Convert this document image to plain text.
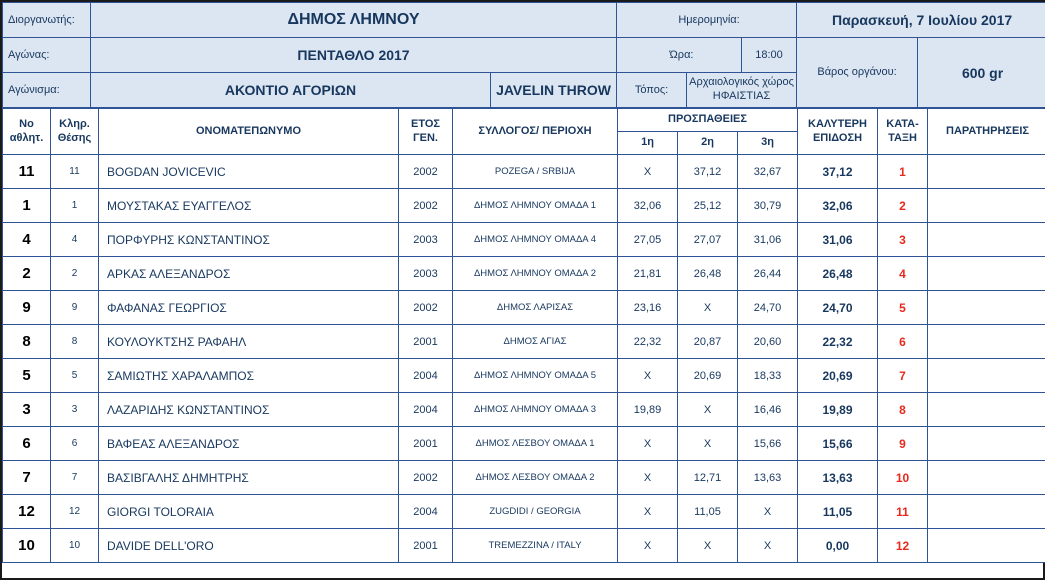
Διοργανωτής:	ΔΗΜΟΣ ΛΗΜΝΟΥ		Ημερομηνία:			Παρασκευή, 7 Ιουλίου 2017	
Αγώνας:	ΠΕΝΤΑΘΛΟ 2017		Ώρα:		18:00	Βάρος οργάνου:	600 gr
Αγώνισμα:	ΑΚΟΝΤΙΟ ΑΓΟΡΙΩΝ	JAVELIN THROW	Τόπος:	Αρχαιολογικός χώρος ΗΦΑΙΣΤΙΑΣ			
Νο αθλητ.	Κληρ. Θέσης	ΟΝΟΜΑΤΕΠΩΝΥΜΟ	ΕΤΟΣ ΓΕΝ.	ΣΥΛΛΟΓΟΣ/ ΠΕΡΙΟΧΗ	ΠΡΟΣΠΑΘΕΙΕΣ			ΚΑΛΥΤΕΡΗ ΕΠΙΔΟΣΗ	ΚΑΤΑ- ΤΑΞΗ	ΠΑΡΑΤΗΡΗΣΕΙΣ
					1η	2η	3η			
11	11	BOGDAN JOVICEVIC	2002	POZEGA / SRBIJA	X	37,12	32,67	37,12	1	
1	1	ΜΟΥΣΤΑΚΑΣ ΕΥΑΓΓΕΛΟΣ	2002	ΔΗΜΟΣ ΛΗΜΝΟΥ ΟΜΑΔΑ 1	32,06	25,12	30,79	32,06	2	
4	4	ΠΟΡΦΥΡΗΣ ΚΩΝΣΤΑΝΤΙΝΟΣ	2003	ΔΗΜΟΣ ΛΗΜΝΟΥ ΟΜΑΔΑ 4	27,05	27,07	31,06	31,06	3	
2	2	ΑΡΚΑΣ ΑΛΕΞΑΝΔΡΟΣ	2003	ΔΗΜΟΣ ΛΗΜΝΟΥ ΟΜΑΔΑ 2	21,81	26,48	26,44	26,48	4	
9	9	ΦΑΦΑΝΑΣ ΓΕΩΡΓΙΟΣ	2002	ΔΗΜΟΣ ΛΑΡΙΣΑΣ	23,16	X	24,70	24,70	5	
8	8	ΚΟΥΛΟΥΚΤΣΗΣ ΡΑΦΑΗΛ	2001	ΔΗΜΟΣ ΑΓΙΑΣ	22,32	20,87	20,60	22,32	6	
5	5	ΣΑΜΙΩΤΗΣ ΧΑΡΑΛΑΜΠΟΣ	2004	ΔΗΜΟΣ ΛΗΜΝΟΥ ΟΜΑΔΑ 5	X	20,69	18,33	20,69	7	
3	3	ΛΑΖΑΡΙΔΗΣ ΚΩΝΣΤΑΝΤΙΝΟΣ	2004	ΔΗΜΟΣ ΛΗΜΝΟΥ ΟΜΑΔΑ 3	19,89	X	16,46	19,89	8	
6	6	ΒΑΦΕΑΣ ΑΛΕΞΑΝΔΡΟΣ	2001	ΔΗΜΟΣ ΛΕΣΒΟΥ ΟΜΑΔΑ 1	X	X	15,66	15,66	9	
7	7	ΒΑΣΙΒΓΑΛΗΣ ΔΗΜΗΤΡΗΣ	2002	ΔΗΜΟΣ ΛΕΣΒΟΥ ΟΜΑΔΑ 2	X	12,71	13,63	13,63	10	
12	12	GIORGI TOLORAIA	2004	ZUGDIDI / GEORGIA	X	11,05	X	11,05	11	
10	10	DAVIDE DELL'ORO	2001	TREMEZZINA / ITALY	X	X	X	0,00	12	
